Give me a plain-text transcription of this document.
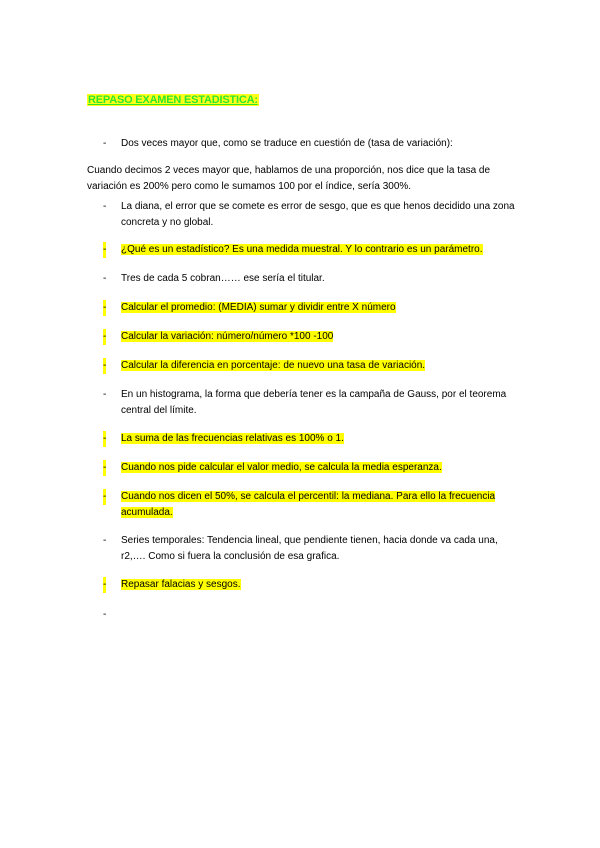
REPASO EXAMEN ESTADISTICA:
- Dos veces mayor que, como se traduce en cuestión de (tasa de variación):
Cuando decimos 2 veces mayor que, hablamos de una proporción, nos dice que la tasa de variación es 200% pero como le sumamos 100 por el índice, sería 300%.
- La diana, el error que se comete es error de sesgo, que es que henos decidido una zona concreta y no global.
- ¿Qué es un estadístico? Es una medida muestral. Y lo contrario es un parámetro.
- Tres de cada 5 cobran…… ese sería el titular.
- Calcular el promedio: (MEDIA) sumar y dividir entre X número
- Calcular la variación: número/número *100 -100
- Calcular la diferencia en porcentaje: de nuevo una tasa de variación.
- En un histograma, la forma que debería tener es la campaña de Gauss, por el teorema central del límite.
- La suma de las frecuencias relativas es 100% o 1.
- Cuando nos pide calcular el valor medio, se calcula la media esperanza.
- Cuando nos dicen el 50%, se calcula el percentil: la mediana. Para ello la frecuencia acumulada.
- Series temporales: Tendencia lineal, que pendiente tienen, hacia donde va cada una, r2,…. Como si fuera la conclusión de esa grafica.
- Repasar falacias y sesgos.
-
